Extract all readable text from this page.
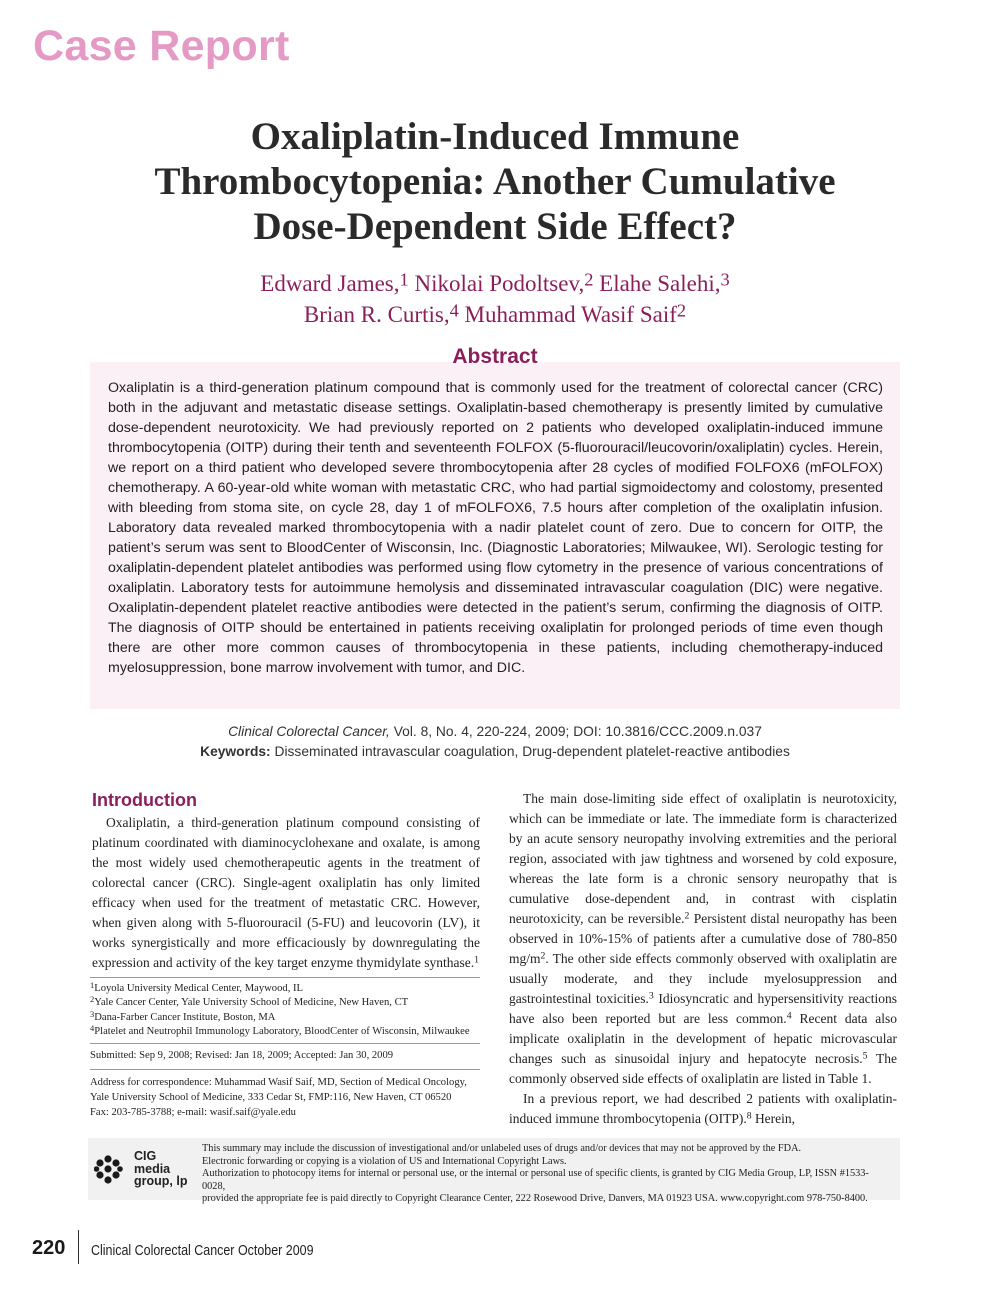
Case Report
Oxaliplatin-Induced Immune
Thrombocytopenia: Another Cumulative
Dose-Dependent Side Effect?
Edward James,$^1$ Nikolai Podoltsev,$^2$ Elahe Salehi,$^3$
Brian R. Curtis,$^4$ Muhammad Wasif Saif$^2$
Abstract

Oxaliplatin is a third-generation platinum compound that is commonly used for the treatment of colorectal cancer (CRC) both in the adjuvant and metastatic disease settings. Oxaliplatin-based chemotherapy is presently limited by cumulative dose-dependent neurotoxicity. We had previously reported on 2 patients who developed oxaliplatin-induced immune thrombocytopenia (OITP) during their tenth and seventeenth FOLFOX (5-fluorouracil/leucovorin/oxaliplatin) cycles. Herein, we report on a third patient who developed severe thrombocytopenia after 28 cycles of modified FOLFOX6 (mFOLFOX) chemotherapy. A 60-year-old white woman with metastatic CRC, who had partial sigmoidectomy and colostomy, presented with bleeding from stoma site, on cycle 28, day 1 of mFOLFOX6, 7.5 hours after completion of the oxaliplatin infusion. Laboratory data revealed marked thrombocytopenia with a nadir platelet count of zero. Due to concern for OITP, the patient’s serum was sent to BloodCenter of Wisconsin, Inc. (Diagnostic Laboratories; Milwaukee, WI). Serologic testing for oxaliplatin-dependent platelet antibodies was performed using flow cytometry in the presence of various concentrations of oxaliplatin. Laboratory tests for autoimmune hemolysis and disseminated intravascular coagulation (DIC) were negative. Oxaliplatin-dependent platelet reactive antibodies were detected in the patient’s serum, confirming the diagnosis of OITP. The diagnosis of OITP should be entertained in patients receiving oxaliplatin for prolonged periods of time even though there are other more common causes of thrombocytopenia in these patients, including chemotherapy-induced myelosuppression, bone marrow involvement with tumor, and DIC.

Clinical Colorectal Cancer, Vol. 8, No. 4, 220-224, 2009; DOI: 10.3816/CCC.2009.n.037
Keywords: Disseminated intravascular coagulation, Drug-dependent platelet-reactive antibodies
Introduction

Oxaliplatin, a third-generation platinum compound consisting of platinum coordinated with diaminocyclohexane and oxalate, is among the most widely used chemotherapeutic agents in the treatment of colorectal cancer (CRC). Single-agent oxaliplatin has only limited efficacy when used for the treatment of metastatic CRC. However, when given along with 5-fluorouracil (5-FU) and leucovorin (LV), it works synergistically and more efficaciously by downregulating the expression and activity of the key target enzyme thymidylate synthase.$^1$

The main dose-limiting side effect of oxaliplatin is neurotoxicity, which can be immediate or late. The immediate form is characterized by an acute sensory neuropathy involving extremities and the perioral region, associated with jaw tightness and worsened by cold exposure, whereas the late form is a chronic sensory neuropathy that is cumulative dose-dependent and, in contrast with cisplatin neurotoxicity, can be reversible.$^2$ Persistent distal neuropathy has been observed in 10%-15% of patients after a cumulative dose of 780-850 $mg/m^2$. The other side effects commonly observed with oxaliplatin are usually moderate, and they include myelosuppression and gastrointestinal toxicities.$^3$ Idiosyncratic and hypersensitivity reactions have also been reported but are less common.$^4$ Recent data also implicate oxaliplatin in the development of hepatic microvascular changes such as sinusoidal injury and hepatocyte necrosis.$^5$ The commonly observed side effects of oxaliplatin are listed in Table 1.

In a previous report, we had described 2 patients with oxaliplatin-induced immune thrombocytopenia (OITP).$^8$ Herein,

$^1$Loyola University Medical Center, Maywood, IL
$^2$Yale Cancer Center, Yale University School of Medicine, New Haven, CT
$^3$Dana-Farber Cancer Institute, Boston, MA
$^4$Platelet and Neutrophil Immunology Laboratory, BloodCenter of Wisconsin, Milwaukee
Submitted: Sep 9, 2008; Revised: Jan 18, 2009; Accepted: Jan 30, 2009
Address for correspondence: Muhammad Wasif Saif, MD, Section of Medical Oncology,
Yale University School of Medicine, 333 Cedar St, FMP:116, New Haven, CT 06520
Fax: 203-785-3788; e-mail: wasif.saif@yale.edu
CIG
media
group, lp
This summary may include the discussion of investigational and/or unlabeled uses of drugs and/or devices that may not be approved by the FDA.
Electronic forwarding or copying is a violation of US and International Copyright Laws.
Authorization to photocopy items for internal or personal use, or the internal or personal use of specific clients, is granted by CIG Media Group, LP, ISSN #1533-0028,
provided the appropriate fee is paid directly to Copyright Clearance Center, 222 Rosewood Drive, Danvers, MA 01923 USA. www.copyright.com 978-750-8400.
220 Clinical Colorectal Cancer October 2009
